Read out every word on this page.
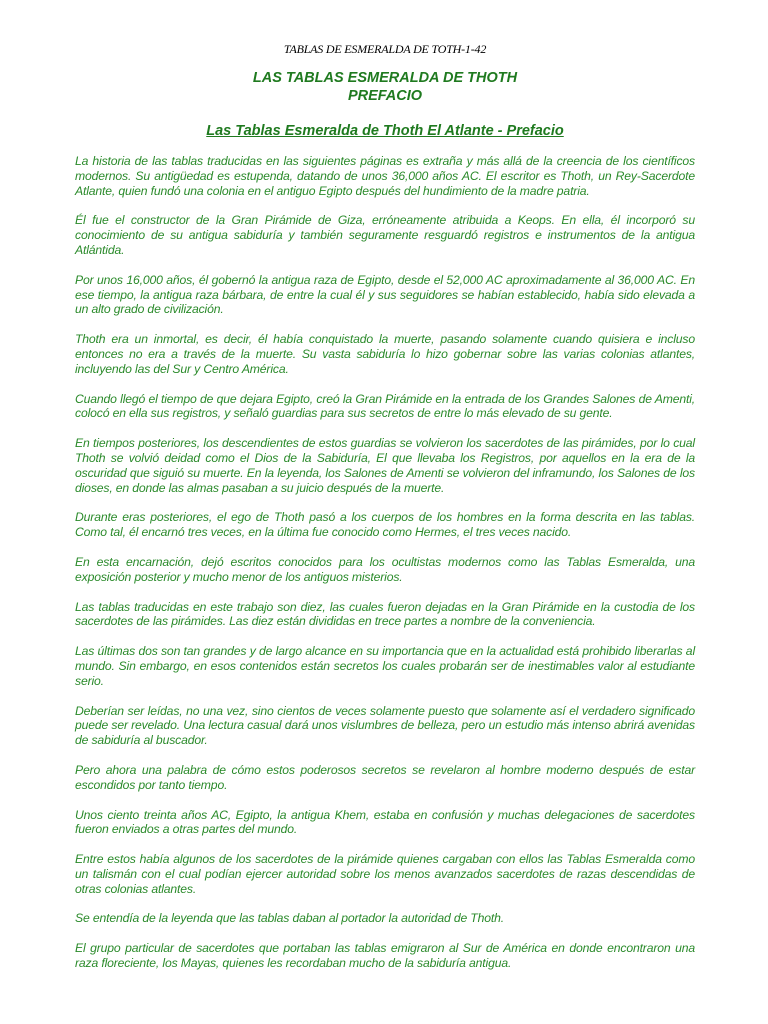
TABLAS DE ESMERALDA DE TOTH-1-42
LAS TABLAS ESMERALDA DE THOTH
PREFACIO
Las Tablas Esmeralda de Thoth El Atlante - Prefacio

La historia de las tablas traducidas en las siguientes páginas es extraña y más allá de la creencia de los científicos modernos. Su antigüedad es estupenda, datando de unos 36,000 años AC. El escritor es Thoth, un Rey-Sacerdote Atlante, quien fundó una colonia en el antiguo Egipto después del hundimiento de la madre patria.

Él fue el constructor de la Gran Pirámide de Giza, erróneamente atribuida a Keops. En ella, él incorporó su conocimiento de su antigua sabiduría y también seguramente resguardó registros e instrumentos de la antigua Atlántida.

Por unos 16,000 años, él gobernó la antigua raza de Egipto, desde el 52,000 AC aproximadamente al 36,000 AC. En ese tiempo, la antigua raza bárbara, de entre la cual él y sus seguidores se habían establecido, había sido elevada a un alto grado de civilización.

Thoth era un inmortal, es decir, él había conquistado la muerte, pasando solamente cuando quisiera e incluso entonces no era a través de la muerte. Su vasta sabiduría lo hizo gobernar sobre las varias colonias atlantes, incluyendo las del Sur y Centro América.

Cuando llegó el tiempo de que dejara Egipto, creó la Gran Pirámide en la entrada de los Grandes Salones de Amenti, colocó en ella sus registros, y señaló guardias para sus secretos de entre lo más elevado de su gente.

En tiempos posteriores, los descendientes de estos guardias se volvieron los sacerdotes de las pirámides, por lo cual Thoth se volvió deidad como el Dios de la Sabiduría, El que llevaba los Registros, por aquellos en la era de la oscuridad que siguió su muerte. En la leyenda, los Salones de Amenti se volvieron del inframundo, los Salones de los dioses, en donde las almas pasaban a su juicio después de la muerte.

Durante eras posteriores, el ego de Thoth pasó a los cuerpos de los hombres en la forma descrita en las tablas. Como tal, él encarnó tres veces, en la última fue conocido como Hermes, el tres veces nacido.

En esta encarnación, dejó escritos conocidos para los ocultistas modernos como las Tablas Esmeralda, una exposición posterior y mucho menor de los antiguos misterios.

Las tablas traducidas en este trabajo son diez, las cuales fueron dejadas en la Gran Pirámide en la custodia de los sacerdotes de las pirámides. Las diez están divididas en trece partes a nombre de la conveniencia.

Las últimas dos son tan grandes y de largo alcance en su importancia que en la actualidad está prohibido liberarlas al mundo. Sin embargo, en esos contenidos están secretos los cuales probarán ser de inestimables valor al estudiante serio.

Deberían ser leídas, no una vez, sino cientos de veces solamente puesto que solamente así el verdadero significado puede ser revelado. Una lectura casual dará unos vislumbres de belleza, pero un estudio más intenso abrirá avenidas de sabiduría al buscador.

Pero ahora una palabra de cómo estos poderosos secretos se revelaron al hombre moderno después de estar escondidos por tanto tiempo.

Unos ciento treinta años AC, Egipto, la antigua Khem, estaba en confusión y muchas delegaciones de sacerdotes fueron enviados a otras partes del mundo.

Entre estos había algunos de los sacerdotes de la pirámide quienes cargaban con ellos las Tablas Esmeralda como un talismán con el cual podían ejercer autoridad sobre los menos avanzados sacerdotes de razas descendidas de otras colonias atlantes.

Se entendía de la leyenda que las tablas daban al portador la autoridad de Thoth.

El grupo particular de sacerdotes que portaban las tablas emigraron al Sur de América en donde encontraron una raza floreciente, los Mayas, quienes les recordaban mucho de la sabiduría antigua.
